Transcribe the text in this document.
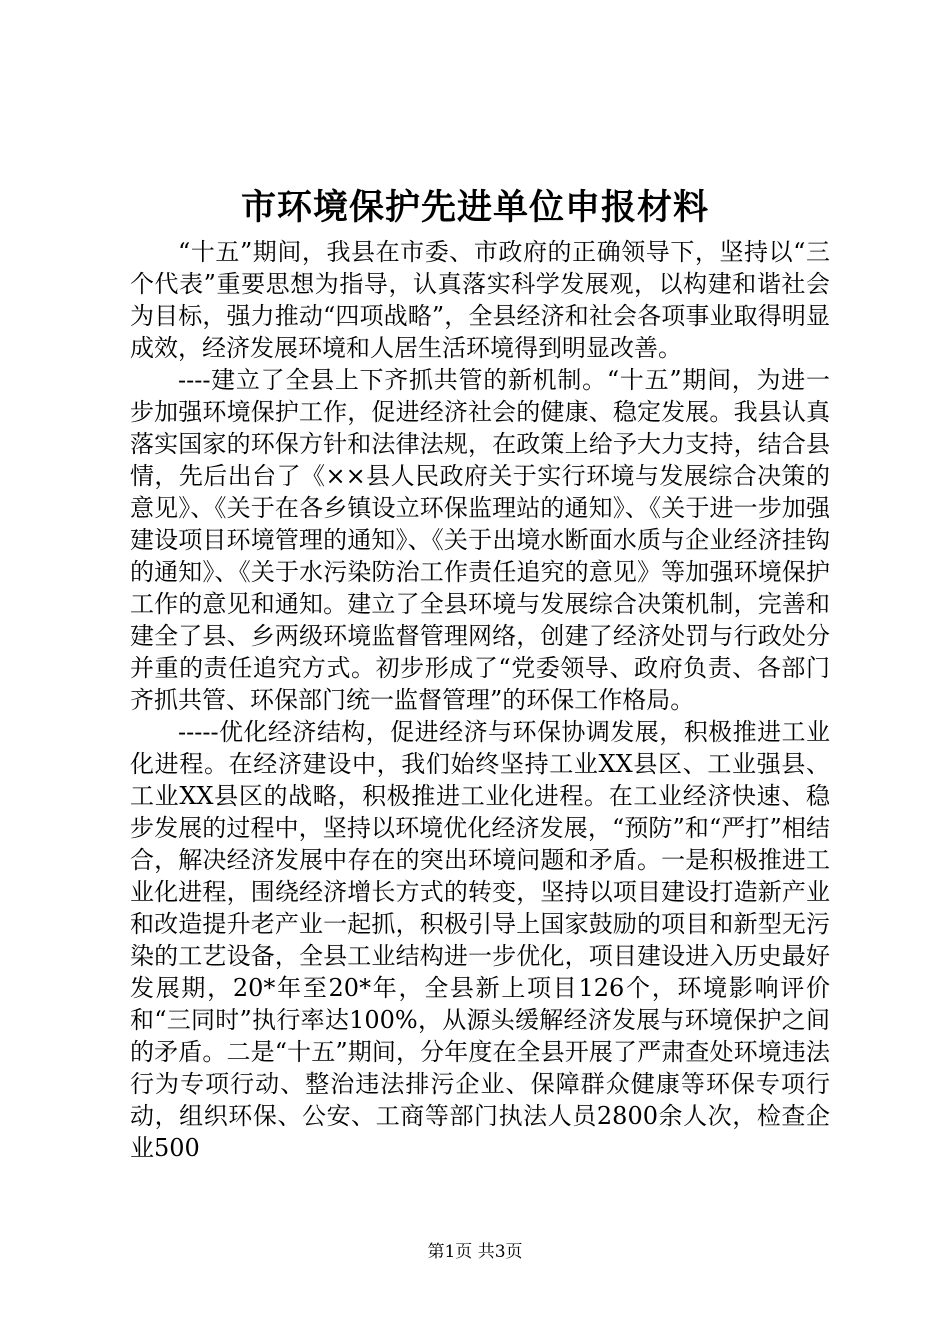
市环境保护先进单位申报材料

“十五”期间，我县在市委、市政府的正确领导下，坚持以“三个代表”重要思想为指导，认真落实科学发展观，以构建和谐社会为目标，强力推动“四项战略”，全县经济和社会各项事业取得明显成效，经济发展环境和人居生活环境得到明显改善。

----建立了全县上下齐抓共管的新机制。“十五”期间，为进一步加强环境保护工作，促进经济社会的健康、稳定发展。我县认真落实国家的环保方针和法律法规，在政策上给予大力支持，结合县情，先后出台了《××县人民政府关于实行环境与发展综合决策的意见》、《关于在各乡镇设立环保监理站的通知》、《关于进一步加强建设项目环境管理的通知》、《关于出境水断面水质与企业经济挂钩的通知》、《关于水污染防治工作责任追究的意见》等加强环境保护工作的意见和通知。建立了全县环境与发展综合决策机制，完善和建全了县、乡两级环境监督管理网络，创建了经济处罚与行政处分并重的责任追究方式。初步形成了“党委领导、政府负责、各部门齐抓共管、环保部门统一监督管理”的环保工作格局。

-----优化经济结构，促进经济与环保协调发展，积极推进工业化进程。在经济建设中，我们始终坚持工业XX县区、工业强县、工业XX县区的战略，积极推进工业化进程。在工业经济快速、稳步发展的过程中，坚持以环境优化经济发展，“预防”和“严打”相结合，解决经济发展中存在的突出环境问题和矛盾。一是积极推进工业化进程，围绕经济增长方式的转变，坚持以项目建设打造新产业和改造提升老产业一起抓，积极引导上国家鼓励的项目和新型无污染的工艺设备，全县工业结构进一步优化，项目建设进入历史最好发展期，20*年至20*年，全县新上项目126个，环境影响评价和“三同时”执行率达100%，从源头缓解经济发展与环境保护之间的矛盾。二是“十五”期间，分年度在全县开展了严肃查处环境违法行为专项行动、整治违法排污企业、保障群众健康等环保专项行动，组织环保、公安、工商等部门执法人员2800余人次，检查企业500

第1页 共3页
